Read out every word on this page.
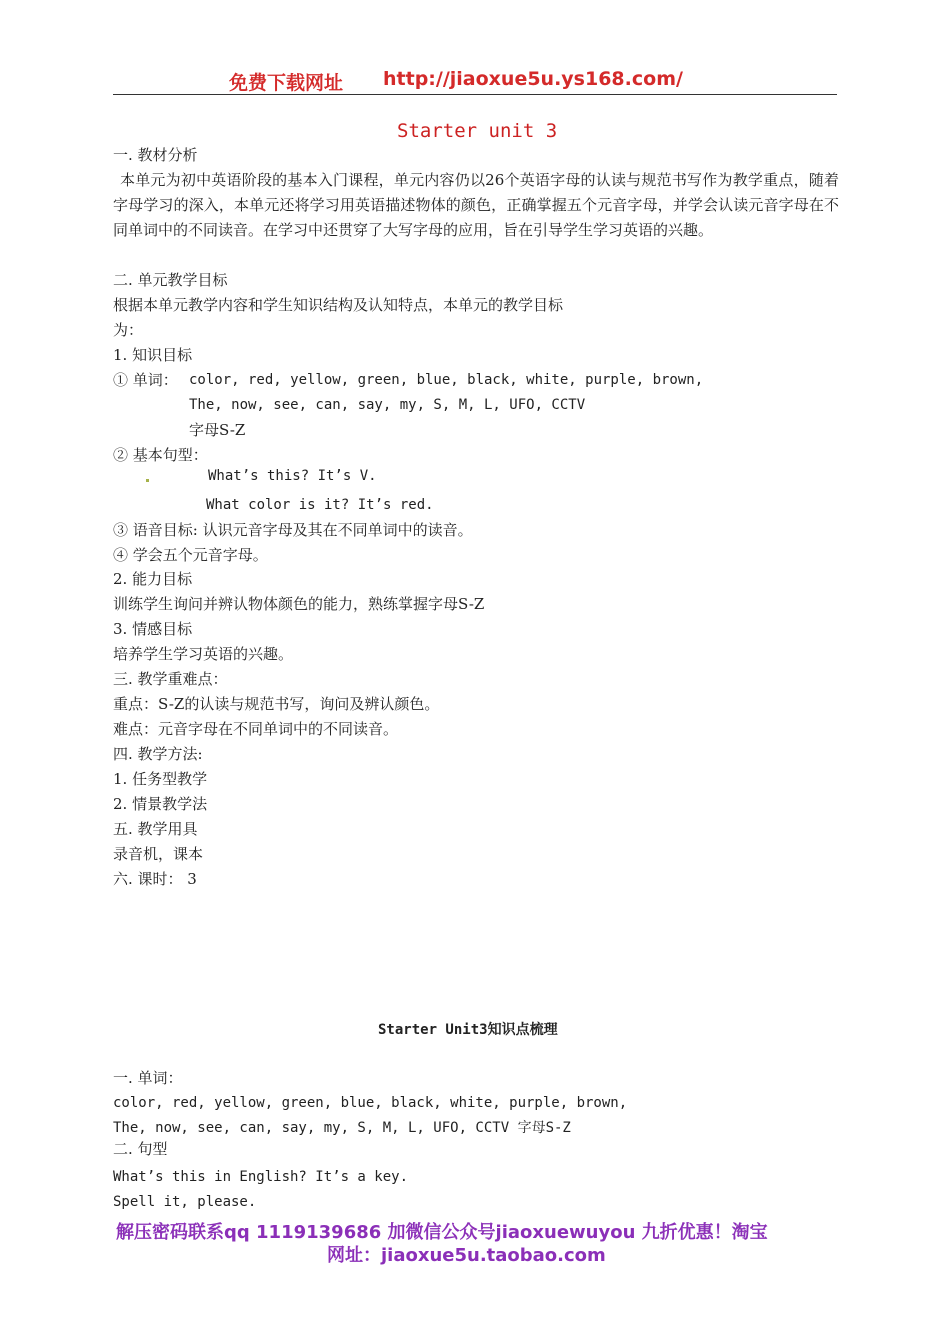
免费下载网址 http://jiaoxue5u.ys168.com/
Starter unit 3
一. 教材分析
本单元为初中英语阶段的基本入门课程，单元内容仍以26个英语字母的认读与规范书写作为教学重点，随着字母学习的深入，本单元还将学习用英语描述物体的颜色，正确掌握五个元音字母，并学会认读元音字母在不同单词中的不同读音。在学习中还贯穿了大写字母的应用，旨在引导学生学习英语的兴趣。
二. 单元教学目标
根据本单元教学内容和学生知识结构及认知特点，本单元的教学目标
为：
1. 知识目标
① 单词： color, red, yellow, green, blue, black, white, purple, brown,
The, now, see, can, say, my, S, M, L, UFO, CCTV
字母S-Z
② 基本句型：
What’s this? It’s V.
What color is it? It’s red.
③ 语音目标: 认识元音字母及其在不同单词中的读音。
④ 学会五个元音字母。
2. 能力目标
训练学生询问并辨认物体颜色的能力，熟练掌握字母S-Z
3. 情感目标
培养学生学习英语的兴趣。
三. 教学重难点：
重点：S-Z的认读与规范书写，询问及辨认颜色。
难点：元音字母在不同单词中的不同读音。
四. 教学方法:
1. 任务型教学
2. 情景教学法
五. 教学用具
录音机，课本
六. 课时： 3
Starter Unit3知识点梳理
一. 单词：
color, red, yellow, green, blue, black, white, purple, brown,
The, now, see, can, say, my, S, M, L, UFO, CCTV 字母S-Z
二. 句型
What’s this in English? It’s a key.
Spell it, please.
解压密码联系qq 1119139686 加微信公众号jiaoxuewuyou 九折优惠！淘宝
网址：jiaoxue5u.taobao.com
